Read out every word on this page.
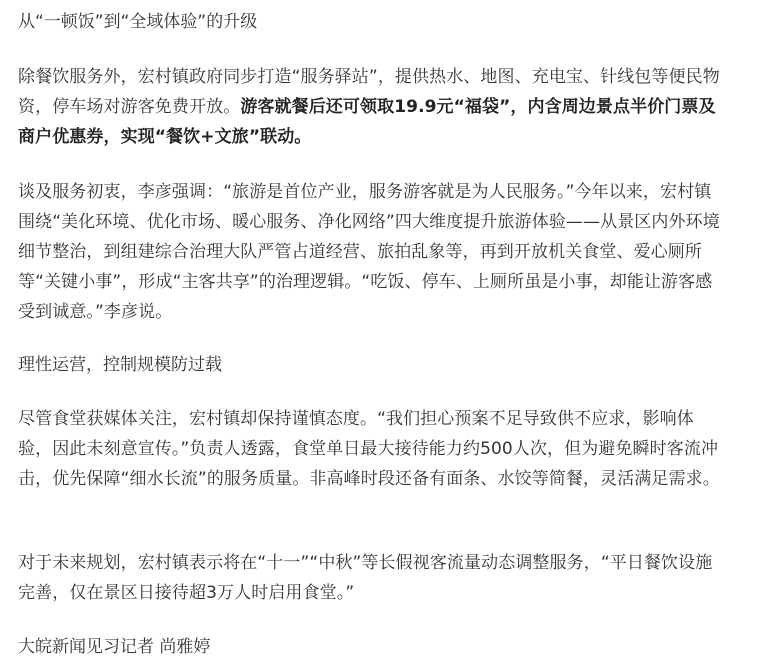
从“一顿饭”到“全域体验”的升级

除餐饮服务外，宏村镇政府同步打造“服务驿站”，提供热水、地图、充电宝、针线包等便民物资，停车场对游客免费开放。游客就餐后还可领取19.9元“福袋”，内含周边景点半价门票及商户优惠券，实现“餐饮+文旅”联动。

谈及服务初衷，李彦强调：“旅游是首位产业，服务游客就是为人民服务。”今年以来，宏村镇围绕“美化环境、优化市场、暖心服务、净化网络”四大维度提升旅游体验——从景区内外环境细节整治，到组建综合治理大队严管占道经营、旅拍乱象等，再到开放机关食堂、爱心厕所等“关键小事”，形成“主客共享”的治理逻辑。“吃饭、停车、上厕所虽是小事，却能让游客感受到诚意。”李彦说。

理性运营，控制规模防过载

尽管食堂获媒体关注，宏村镇却保持谨慎态度。“我们担心预案不足导致供不应求，影响体验，因此未刻意宣传。”负责人透露，食堂单日最大接待能力约500人次，但为避免瞬时客流冲击，优先保障“细水长流”的服务质量。非高峰时段还备有面条、水饺等简餐，灵活满足需求。

对于未来规划，宏村镇表示将在“十一”“中秋”等长假视客流量动态调整服务，“平日餐饮设施完善，仅在景区日接待超3万人时启用食堂。”

大皖新闻见习记者 尚雅婷
